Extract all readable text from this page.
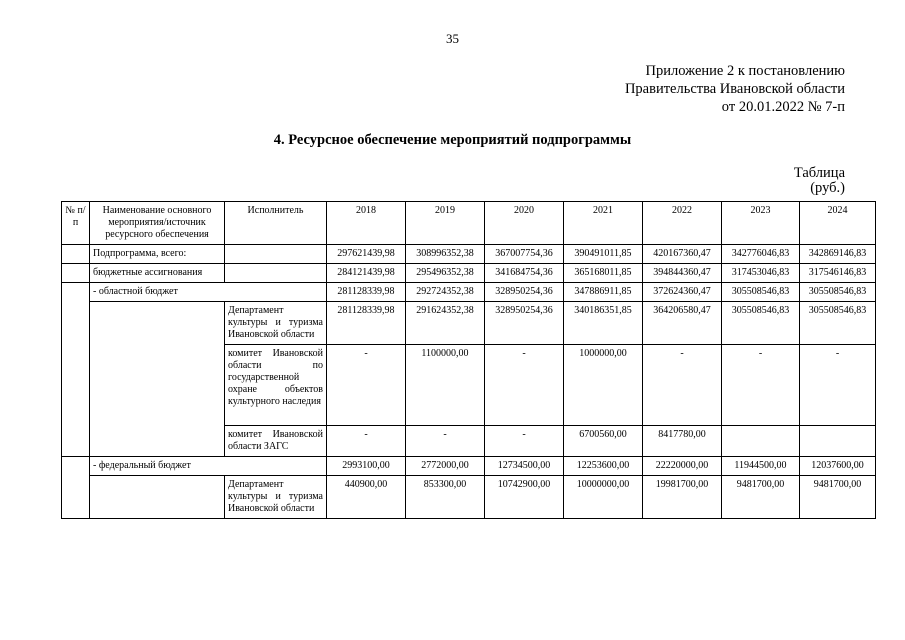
35
Приложение 2 к постановлению
Правительства Ивановской области
от 20.01.2022 № 7-п
4. Ресурсное обеспечение мероприятий подпрограммы
Таблица
(руб.)
№ п/п	Наименование основного мероприятия/источник ресурсного обеспечения	Исполнитель	2018	2019	2020	2021	2022	2023	2024
	Подпрограмма, всего:		297621439,98	308996352,38	367007754,36	390491011,85	420167360,47	342776046,83	342869146,83
	бюджетные ассигнования		284121439,98	295496352,38	341684754,36	365168011,85	394844360,47	317453046,83	317546146,83
	- областной бюджет		281128339,98	292724352,38	328950254,36	347886911,85	372624360,47	305508546,83	305508546,83
		Департамент культуры и туризма Ивановской области	281128339,98	291624352,38	328950254,36	340186351,85	364206580,47	305508546,83	305508546,83
		комитет Ивановской области по государственной охране объектов культурного наследия	-	1100000,00	-	1000000,00	-	-	-
		комитет Ивановской области ЗАГС	-	-	-	6700560,00	8417780,00		
	- федеральный бюджет		2993100,00	2772000,00	12734500,00	12253600,00	22220000,00	11944500,00	12037600,00
		Департамент культуры и туризма Ивановской области	440900,00	853300,00	10742900,00	10000000,00	19981700,00	9481700,00	9481700,00
